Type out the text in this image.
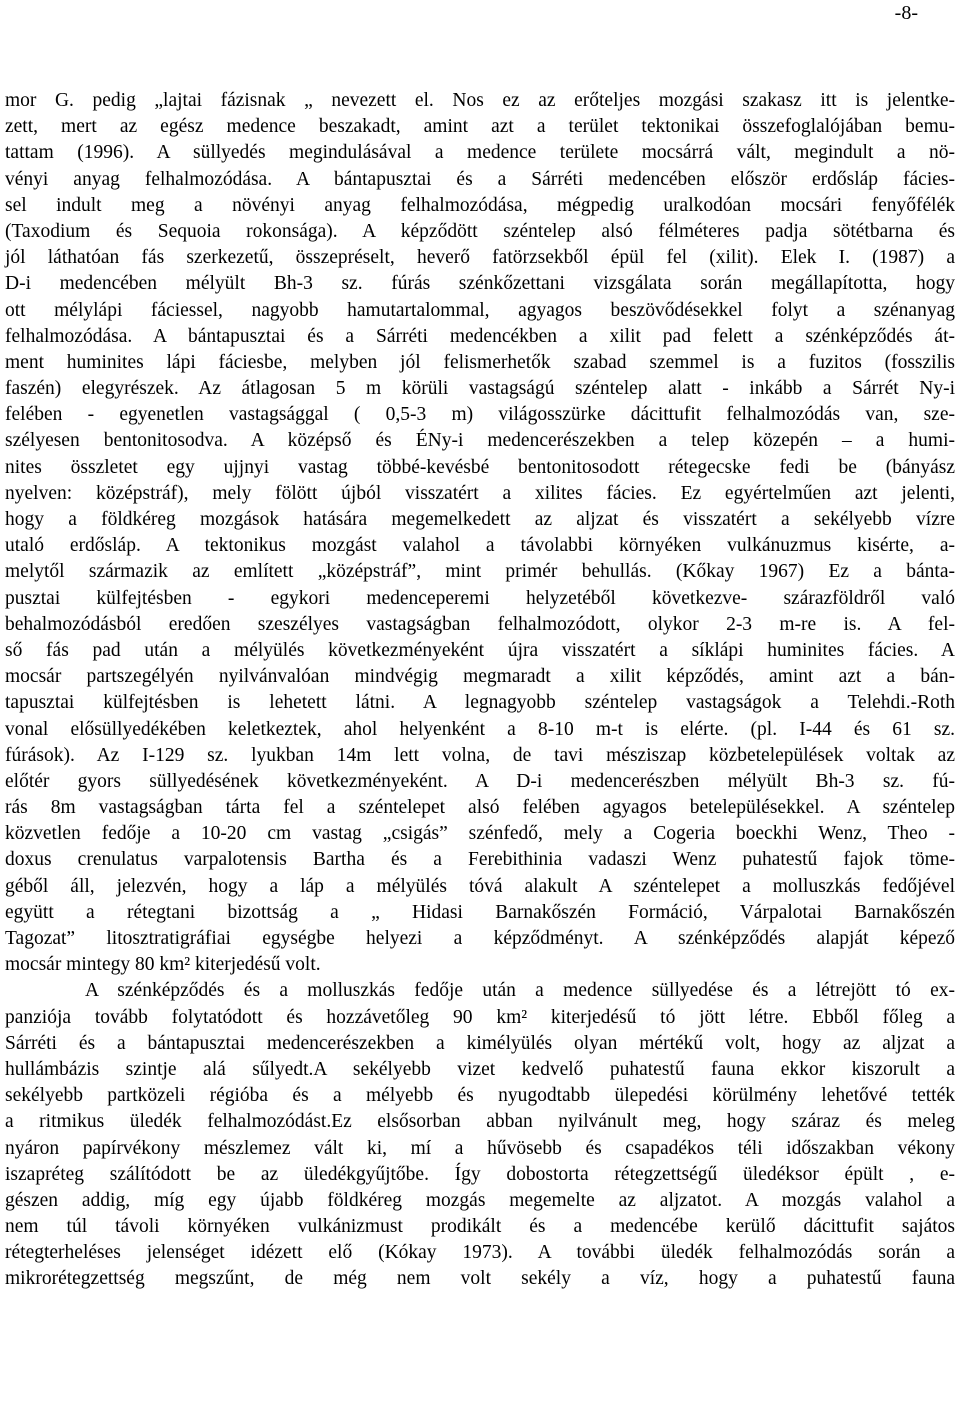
-8-
mor G. pedig „lajtai fázisnak „ nevezett el. Nos ez az erőteljes mozgási szakasz itt is jelentke-
zett, mert az egész medence beszakadt, amint azt a terület tektonikai összefoglalójában bemu-
tattam (1996). A süllyedés megindulásával a medence területe mocsárrá vált, megindult a nö-
vényi anyag felhalmozódása. A bántapusztai és a Sárréti medencében először erdősláp fácies-
sel indult meg a növényi anyag felhalmozódása, mégpedig uralkodóan mocsári fenyőfélék
(Taxodium és Sequoia rokonsága). A képződött széntelep alsó félméteres padja sötétbarna és
jól láthatóan fás szerkezetű, összepréselt, heverő fatörzsekből épül fel (xilit). Elek I. (1987) a
D-i medencében mélyült Bh-3 sz. fúrás szénkőzettani vizsgálata során megállapította, hogy
ott mélylápi fáciessel, nagyobb hamutartalommal, agyagos beszövődésekkel folyt a szénanyag
felhalmozódása. A bántapusztai és a Sárréti medencékben a xilit pad felett a szénképződés át-
ment huminites lápi fáciesbe, melyben jól felismerhetők szabad szemmel is a fuzitos (fosszilis
faszén) elegyrészek. Az átlagosan 5 m körüli vastagságú széntelep alatt - inkább a Sárrét Ny-i
felében - egyenetlen vastagsággal ( 0,5-3 m) világosszürke dácittufit felhalmozódás van, sze-
szélyesen bentonitosodva. A középső és ÉNy-i medencerészekben a telep közepén – a humi-
nites összletet egy ujjnyi vastag többé-kevésbé bentonitosodott rétegecske fedi be (bányász
nyelven: középstráf), mely fölött újból visszatért a xilites fácies. Ez egyértelműen azt jelenti,
hogy a földkéreg mozgások hatására megemelkedett az aljzat és visszatért a sekélyebb vízre
utaló erdősláp. A tektonikus mozgást valahol a távolabbi környéken vulkánuzmus kisérte, a-
melytől származik az említett „középstráf”, mint primér behullás. (Kőkay 1967) Ez a bánta-
pusztai külfejtésben - egykori medenceperemi helyzetéből következve- szárazföldről való
behalmozódásból eredően szeszélyes vastagságban felhalmozódott, olykor 2-3 m-re is. A fel-
ső fás pad után a mélyülés következményeként újra visszatért a síklápi huminites fácies. A
mocsár partszegélyén nyilvánvalóan mindvégig megmaradt a xilit képződés, amint azt a bán-
tapusztai külfejtésben is lehetett látni. A legnagyobb széntelep vastagságok a Telehdi.-Roth
vonal elősüllyedékében keletkeztek, ahol helyenként a 8-10 m-t is elérte. (pl. I-44 és 61 sz.
fúrások). Az I-129 sz. lyukban 14m lett volna, de tavi mésziszap közbetelepülések voltak az
előtér gyors süllyedésének következményeként. A D-i medencerészben mélyült Bh-3 sz. fú-
rás 8m vastagságban tárta fel a széntelepet alsó felében agyagos betelepülésekkel. A széntelep
közvetlen fedője a 10-20 cm vastag „csigás” szénfedő, mely a Cogeria boeckhi Wenz, Theo -
doxus crenulatus varpalotensis Bartha és a Ferebithinia vadaszi Wenz puhatestű fajok töme-
géből áll, jelezvén, hogy a láp a mélyülés tóvá alakult A széntelepet a molluszkás fedőjével
együtt a rétegtani bizottság a „ Hidasi Barnakőszén Formáció, Várpalotai Barnakőszén
Tagozat” litosztratigráfiai egységbe helyezi a képződményt. A szénképződés alapját képező
mocsár mintegy 80 km² kiterjedésű volt.
A szénképződés és a molluszkás fedője után a medence süllyedése és a létrejött tó ex-
panziója tovább folytatódott és hozzávetőleg 90 km² kiterjedésű tó jött létre. Ebből főleg a
Sárréti és a bántapusztai medencerészekben a kimélyülés olyan mértékű volt, hogy az aljzat a
hullámbázis szintje alá sűlyedt.A sekélyebb vizet kedvelő puhatestű fauna ekkor kiszorult a
sekélyebb partközeli régióba és a mélyebb és nyugodtabb ülepedési körülmény lehetővé tették
a ritmikus üledék felhalmozódást.Ez elsősorban abban nyilvánult meg, hogy száraz és meleg
nyáron papírvékony mészlemez vált ki, mí a hűvösebb és csapadékos téli időszakban vékony
iszapréteg szálítódott be az üledékgyűjtőbe. Így dobostorta rétegzettségű üledéksor épült , e-
gészen addig, míg egy újabb földkéreg mozgás megemelte az aljzatot. A mozgás valahol a
nem túl távoli környéken vulkánizmust prodikált és a medencébe kerülő dácittufit sajátos
rétegterheléses jelenséget idézett elő (Kókay 1973). A további üledék felhalmozódás során a
mikrorétegzettség megszűnt, de még nem volt sekély a víz, hogy a puhatestű fauna
